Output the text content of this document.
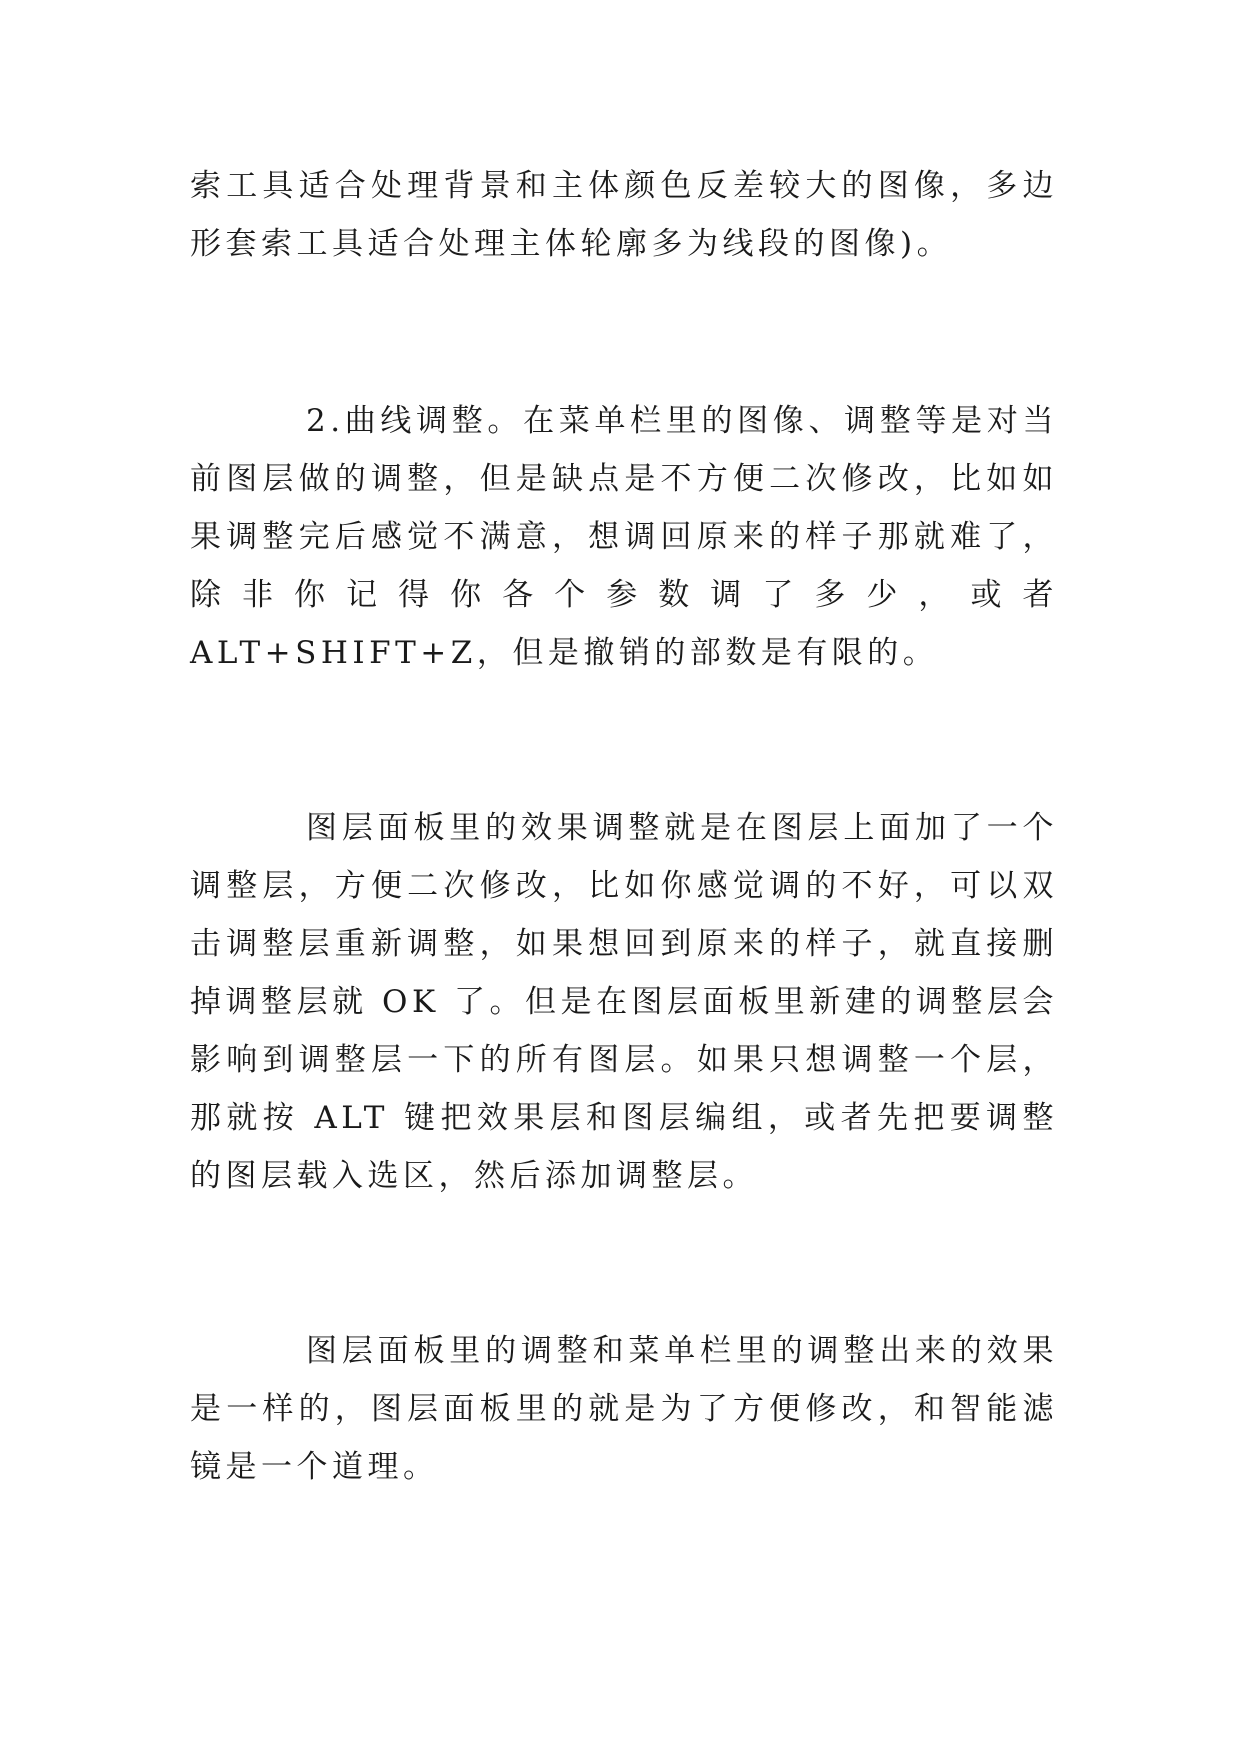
索工具适合处理背景和主体颜色反差较大的图像，多边形套索工具适合处理主体轮廓多为线段的图像)。

2.曲线调整。在菜单栏里的图像、调整等是对当前图层做的调整，但是缺点是不方便二次修改，比如如果调整完后感觉不满意，想调回原来的样子那就难了，除非你记得你各个参数调了多少，或者 ALT+SHIFT+Z，但是撤销的部数是有限的。

图层面板里的效果调整就是在图层上面加了一个调整层，方便二次修改，比如你感觉调的不好，可以双击调整层重新调整，如果想回到原来的样子，就直接删掉调整层就 OK 了。但是在图层面板里新建的调整层会影响到调整层一下的所有图层。如果只想调整一个层，那就按 ALT 键把效果层和图层编组，或者先把要调整的图层载入选区，然后添加调整层。

图层面板里的调整和菜单栏里的调整出来的效果是一样的，图层面板里的就是为了方便修改，和智能滤镜是一个道理。
